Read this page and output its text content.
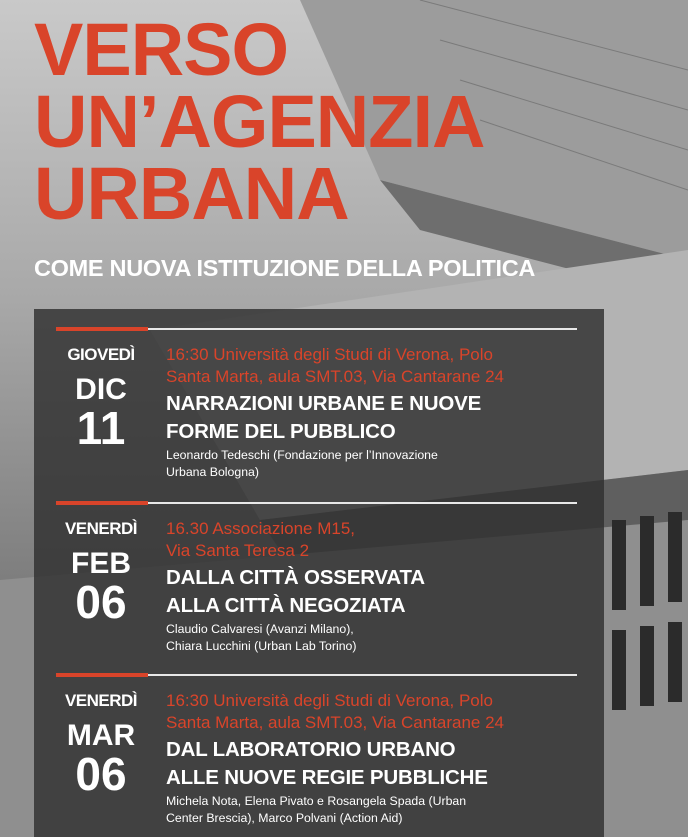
VERSO
UN’AGENZIA
URBANA
COME NUOVA ISTITUZIONE DELLA POLITICA
GIOVEDÌ
DIC
11
16:30 Università degli Studi di Verona, Polo
Santa Marta, aula SMT.03, Via Cantarane 24
NARRAZIONI URBANE E NUOVE
FORME DEL PUBBLICO
Leonardo Tedeschi (Fondazione per l’Innovazione
Urbana Bologna)
VENERDÌ
FEB
06
16.30 Associazione M15,
Via Santa Teresa 2
DALLA CITTÀ OSSERVATA
ALLA CITTÀ NEGOZIATA
Claudio Calvaresi (Avanzi Milano),
Chiara Lucchini (Urban Lab Torino)
VENERDÌ
MAR
06
16:30 Università degli Studi di Verona, Polo
Santa Marta, aula SMT.03, Via Cantarane 24
DAL LABORATORIO URBANO
ALLE NUOVE REGIE PUBBLICHE
Michela Nota, Elena Pivato e Rosangela Spada (Urban
Center Brescia), Marco Polvani (Action Aid)
